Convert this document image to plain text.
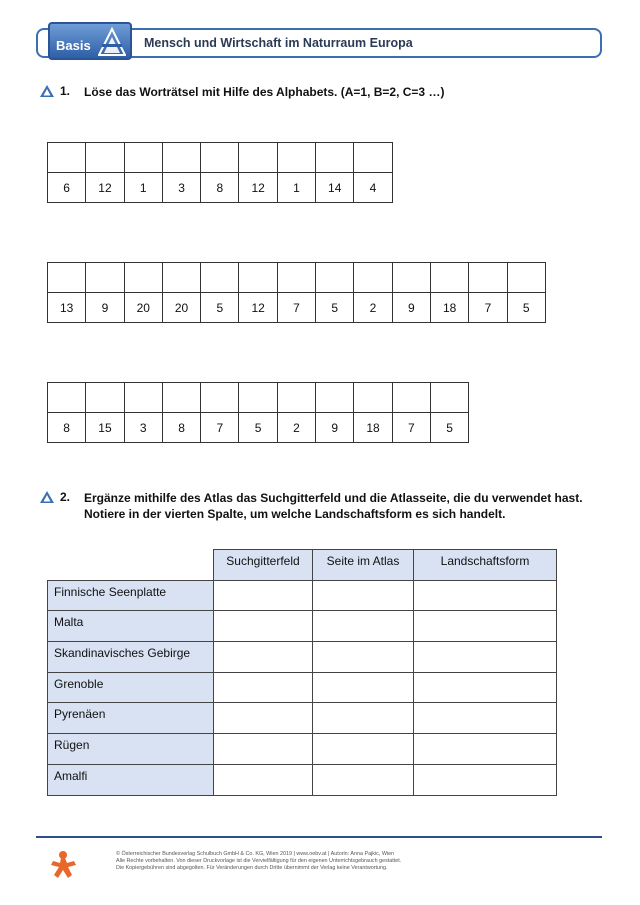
Basis	Mensch und Wirtschaft im Naturraum Europa
1.	Löse das Worträtsel mit Hilfe des Alphabets. (A=1, B=2, C=3 …)

6	12	1	3	8	12	1	14	4

13	9	20	20	5	12	7	5	2	9	18	7	5

8	15	3	8	7	5	2	9	18	7	5
2.	Ergänze mithilfe des Atlas das Suchgitterfeld und die Atlasseite, die du verwendet hast. Notiere in der vierten Spalte, um welche Landschaftsform es sich handelt.
	Suchgitterfeld	Seite im Atlas	Landschaftsform
Finnische Seenplatte			
Malta			
Skandinavisches Gebirge			
Grenoble			
Pyrenäen			
Rügen			
Amalfi			
© Österreichischer Bundesverlag Schulbuch GmbH & Co. KG, Wien 2019 | www.oebv.at | Autorin: Anna Pajkic, Wien
Alle Rechte vorbehalten. Von dieser Druckvorlage ist die Vervielfältigung für den eigenen Unterrichtsgebrauch gestattet.
Die Kopiergebühren sind abgegolten. Für Veränderungen durch Dritte übernimmt der Verlag keine Verantwortung.
